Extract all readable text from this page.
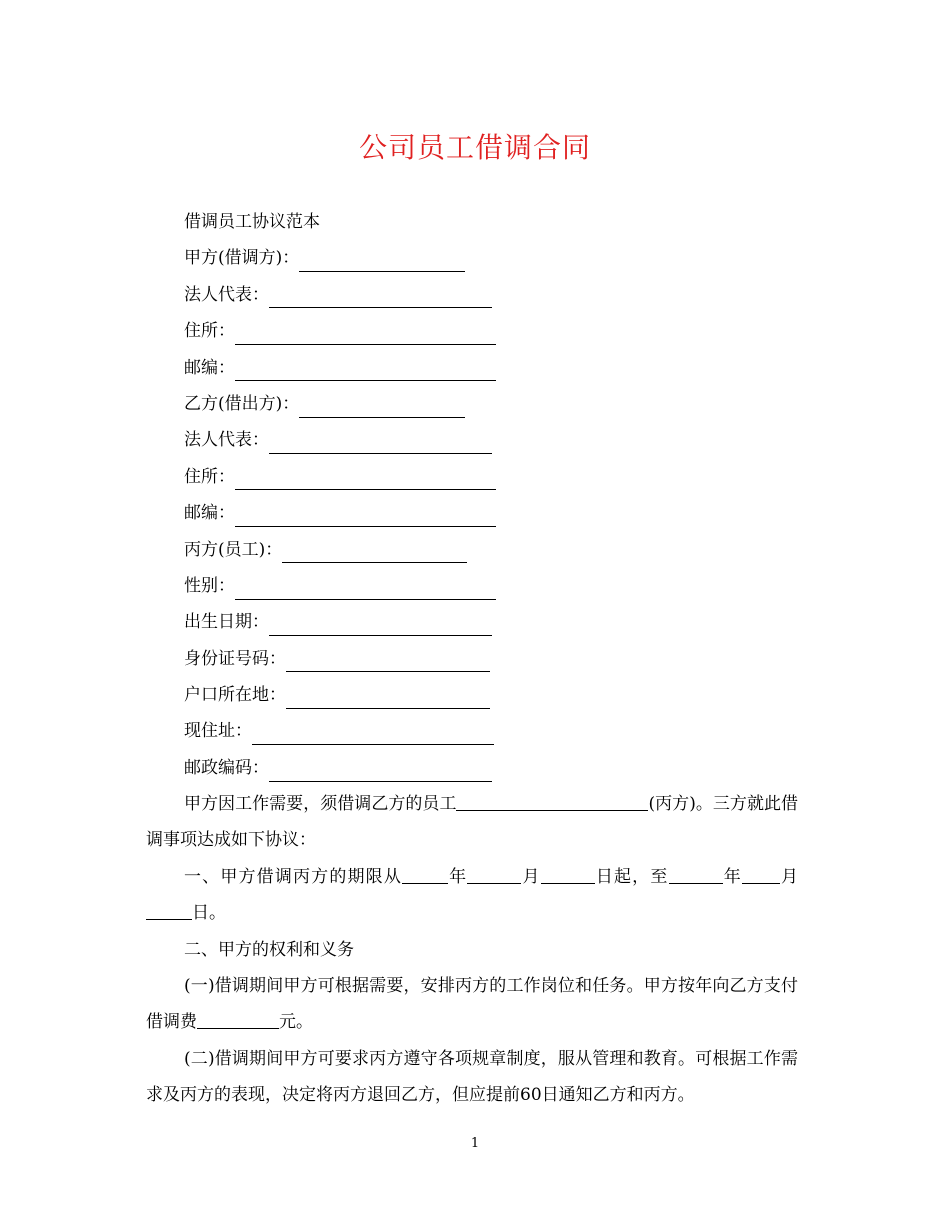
公司员工借调合同
借调员工协议范本
甲方(借调方)：
法人代表：
住所：
邮编：
乙方(借出方)：
法人代表：
住所：
邮编：
丙方(员工)：
性别：
出生日期：
身份证号码：
户口所在地：
现住址：
邮政编码：

甲方因工作需要，须借调乙方的员工	(丙方)。三方就此借调事项达成如下协议：

一、甲方借调丙方的期限从	年	月	日起，至	年 月日。

二、甲方的权利和义务

(一)借调期间甲方可根据需要，安排丙方的工作岗位和任务。甲方按年向乙方支付借调费	元。

(二)借调期间甲方可要求丙方遵守各项规章制度，服从管理和教育。可根据工作需求及丙方的表现，决定将丙方退回乙方，但应提前60日通知乙方和丙方。

1
